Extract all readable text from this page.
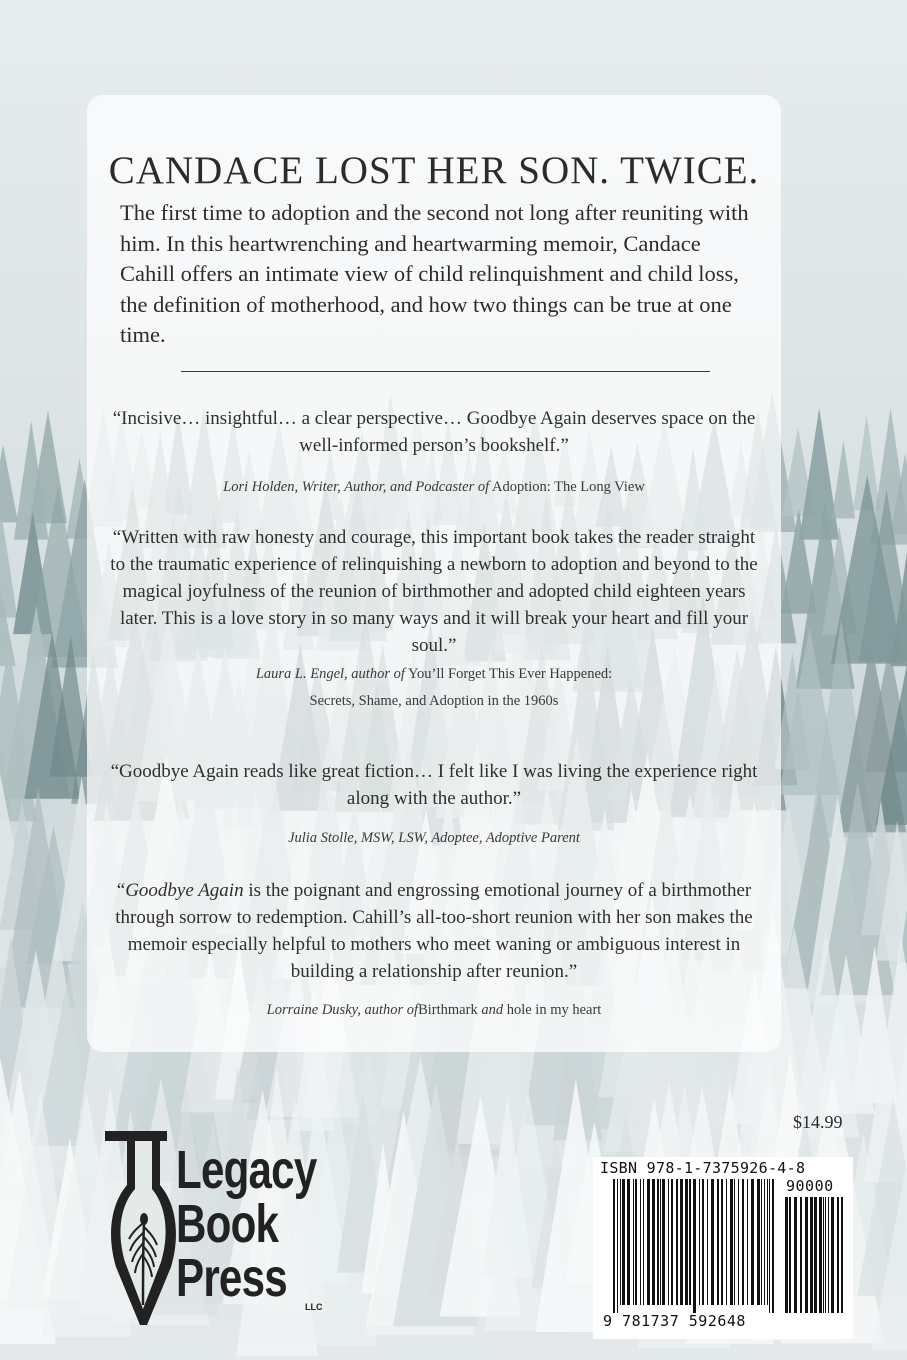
CANDACE LOST HER SON. TWICE.

The first time to adoption and the second not long after reuniting with him. In this heartwrenching and heartwarming memoir, Candace Cahill offers an intimate view of child relinquishment and child loss, the definition of motherhood, and how two things can be true at one time.

“Incisive… insightful… a clear perspective… Goodbye Again deserves space on the well-informed person’s bookshelf.”

Lori Holden, Writer, Author, and Podcaster of Adoption: The Long View

“Written with raw honesty and courage, this important book takes the reader straight to the traumatic experience of relinquishing a newborn to adoption and beyond to the magical joyfulness of the reunion of birthmother and adopted child eighteen years later. This is a love story in so many ways and it will break your heart and fill your soul.”

Laura L. Engel, author of You’ll Forget This Ever Happened:
Secrets, Shame, and Adoption in the 1960s

“Goodbye Again reads like great fiction… I felt like I was living the experience right along with the author.”

Julia Stolle, MSW, LSW, Adoptee, Adoptive Parent

“Goodbye Again is the poignant and engrossing emotional journey of a birthmother through sorrow to redemption. Cahill’s all-too-short reunion with her son makes the memoir especially helpful to mothers who meet waning or ambiguous interest in building a relationship after reunion.”

Lorraine Dusky, author ofBirthmark and hole in my heart

$14.99
Legacy
Book
Press LLC
ISBN 978-1-7375926-4-8
90000
9 781737 592648
